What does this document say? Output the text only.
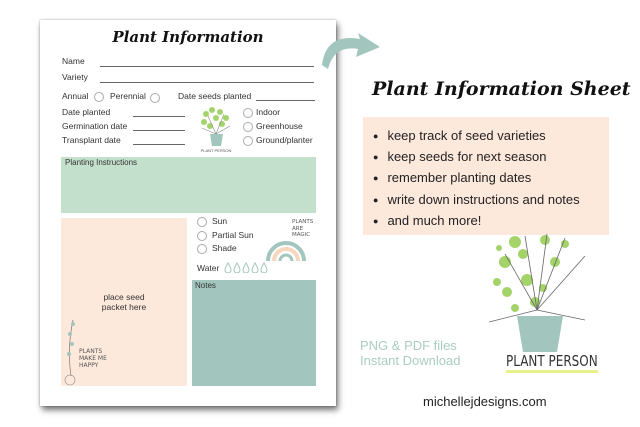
Plant Information
Name
Variety
Annual	Perennial	Date seeds planted
Date planted
Germination date
Transplant date
PLANT PERSON
Indoor
Greenhouse
Ground/planter
Planting Instructions
place seed
packet here
PLANTS MAKE ME HAPPY
Sun
Partial Sun
Shade
Water
PLANTS ARE MAGIC
Notes
Plant Information Sheet
● keep track of seed varieties
● keep seeds for next season
● remember planting dates
● write down instructions and notes
● and much more!
PLANT PERSON
PNG & PDF files
Instant Download
michellejdesigns.com
